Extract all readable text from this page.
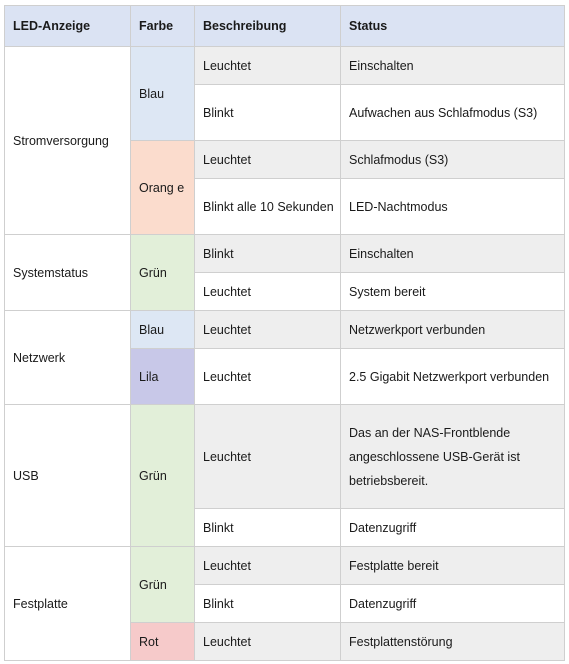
LED-Anzeige	Farbe	Beschreibung	Status
Stromversorgung	Blau	Leuchtet	Einschalten
		Blinkt	Aufwachen aus Schlafmodus (S3)
	Orang e	Leuchtet	Schlafmodus (S3)
		Blinkt alle 10 Sekunden	LED-Nachtmodus
Systemstatus	Grün	Blinkt	Einschalten
		Leuchtet	System bereit
Netzwerk	Blau	Leuchtet	Netzwerkport verbunden
	Lila	Leuchtet	2.5 Gigabit Netzwerkport verbunden
USB	Grün	Leuchtet	Das an der NAS-Frontblende angeschlossene USB-Gerät ist betriebsbereit.
		Blinkt	Datenzugriff
Festplatte	Grün	Leuchtet	Festplatte bereit
		Blinkt	Datenzugriff
	Rot	Leuchtet	Festplattenstörung
